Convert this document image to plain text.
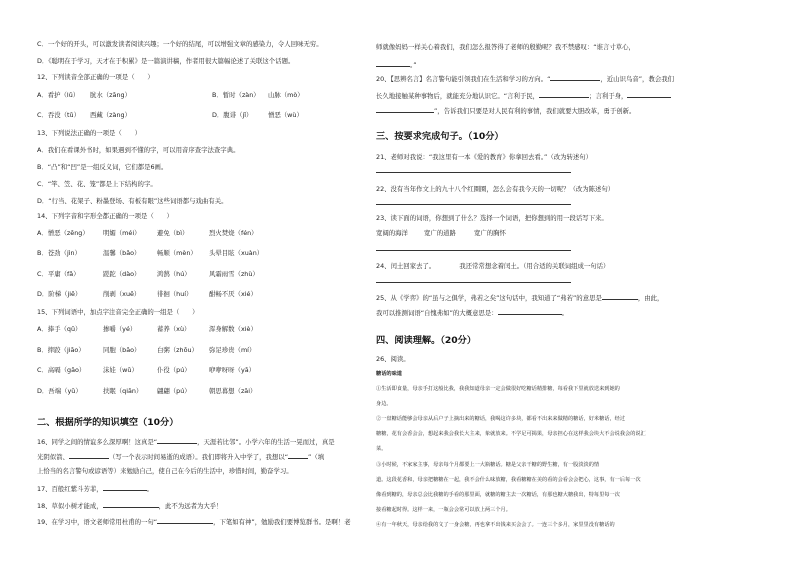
C．一个好的开头，可以激发读者阅读兴趣；一个好的结尾，可以增强文章的感染力，令人回味无穷。
D．《聪明在于学习，天才在于积累》是一篇演讲稿，作者用很大篇幅论述了关联这个话题。
12、下列读音全部正确的一项是（　　）
A．看护（lǔ） 肮水（zāng）	B．暂时（zàn） 山脉（mò）
C．吞没（tǔ） 西藏（zàng）	D．腹诽（jǐ） 憎恶（wù）
13、下列说法正确的一项是（　　）
A．我们在看课外书时，如果遇到不懂的字，可以用音序查字法查字典。
B．“凸”和“凹”是一组反义词，它们都是6画。
C．“竿、笠、花、笼”都是上下结构的字。
D．“行当、花架子、粉墨登场、有板有眼”这些词语都与戏曲有关。
14、下列字音和字形全都正确的一项是（　　）
A．憎恶（zēng） 明媚（méi）	避免（bì）	烈火焚烧（fén）
B．苍劲（jìn）	温馨（bǎo）	畅顺（mèn） 头晕目眩（xuàn）
C．平庸（fǎ）	蹉跎（dào）	鸿鹄（hú）	风霜雨雪（zhù）
D．阶梯（jiē）	削剥（xuē）	徘徊（huí）	酣畅不厌（xié）
15、下列词语中，加点字注音完全正确的一组是（　　）
A．捧手（qǔ）	掺嚼（yé）	蓄养（xù）	浑身解数（xiè）
B．摔跤（jiāo）	同胞（bāo）	白粥（zhōu） 弥足珍贵（mí）
C．高嗝（gāo）	沫娃（wǔ）	仆役（pú）	咿咿呀呀（yā）
D．吾端（yǔ）	扶眠（qiān） 翩翩（pú）	朝思暮想（zāi）
二、根据所学的知识填空（10分）
16、同学之间的情谊多么深厚啊！这真是“	，天涯若比邻”。小学六年的生活一晃而过，真是
光阴似箭、	（写一个表示时间易逝的成语）。我们即将升入中学了，我想以“	”（填
上恰当的名言警句或谚语等）来勉励自己，使自己在今后的生活中，珍惜时间，勤奋学习。
17、百般红紫斗芳菲，	。
18、草似小树才能成，	，此不为远者为大乎！
19、在学习中，语文老师常用杜甫的一句“	，下笔如有神”，勉励我们要博览群书。是啊！老
师就像妈妈一样关心着我们，我们怎么报答得了老师的殷勤呢？我不禁感叹：“谁言寸草心，
。”
20、【思辨名言】名言警句能引领我们在生活和学习的方向。“	，近山识鸟音”，教会我们
长久地接触某种事物后，就能充分地认识它。“言利于民，	；言利于身，
”，告诉我们只要是对人民有利的事情，我们就要大胆改革，勇于创新。
三、按要求完成句子。（10分）
21、老师对我说：“我这里有一本《爱的教育》你拿回去看。”（改为转述句）
22、没有当年作文上的九十八个红圈圈，怎么会有我今天的一切呢？（改为陈述句）
23、读下面的词语，你想到了什么？选择一个词语，把你想到的用一段话写下来。
宽阔的海洋	宽广的道路	宽广的胸怀
24、闰土回家去了。	我还常常想念着闰土。（用合适的关联词组成一句话）
25、从《学弈》的“虽与之俱学，弗若之矣”这句话中，我知道了“弗若”的意思是	，由此，
我可以推测词语“自愧弗如”的大概意思是：	。
四、阅读理解。（20分）
26、阅读。
糖话的味道
①生活即食量，母亲手打这般比我，我我知道母亲一定会做很好吃糖话精排糖，每看我下里就放送来到她的
身边。
②一盘糖话能够会母亲从后户子上摘出来的糖话，我喝这许多块，都看不出来来做精的糖话，好米糖话，经过
糖糖，花有会香会会，想起来我会我长大主来，象就放来。不学足可揭果，母亲担心在这样我会块大不会说我会的说汇
菜。
③小时候，不家家主事，母亲每个月都要上一大瓶糖话。糖是父亲干糖的野生糖，有一股淡淡的情
道。这段花香和，母亲把糖糖在一起，我不会什么味放糖，我看糖糖在美的看的会看会会把心，这事，有一后每一次
像看到糖的，母亲总会比我糖的手看的那里面，就糖的糖主去一次糖话，有那也糖大糖我出，特每里每一次
接看糖起时得。这样一来，一瓶会会常可以放上两三个月。
④有一年秋天，母亲给我的文了一身会糖，再也拿不出钱来买会会了。一连三个多月，家里里没有糖话的
